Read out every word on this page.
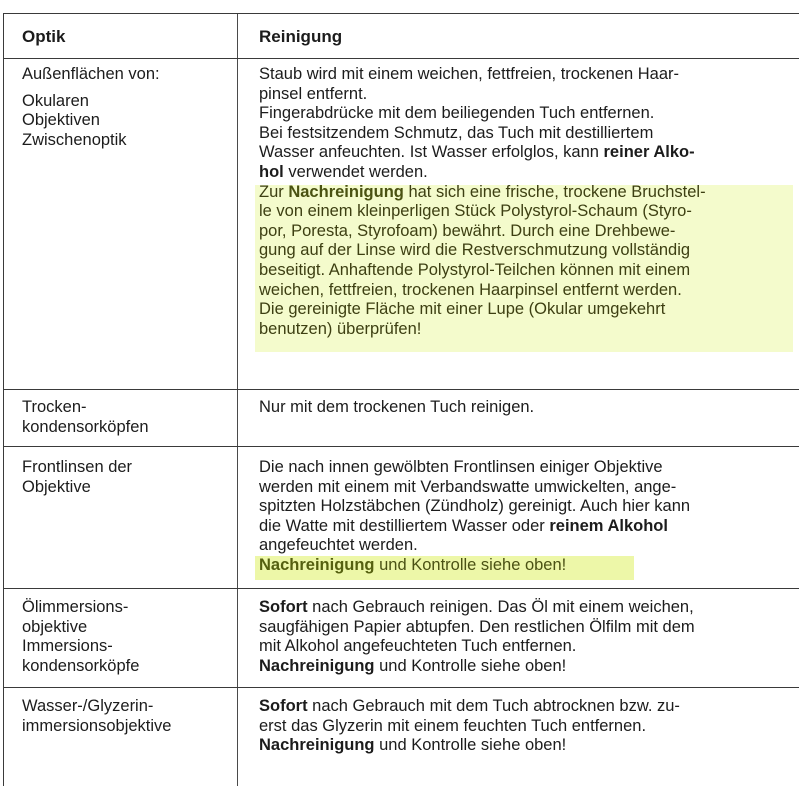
Optik	Reinigung
Außenflächen von:
Okularen
Objektiven
Zwischenoptik
Staub wird mit einem weichen, fettfreien, trockenen Haar-
pinsel entfernt.
Fingerabdrücke mit dem beiliegenden Tuch entfernen.
Bei festsitzendem Schmutz, das Tuch mit destilliertem
Wasser anfeuchten. Ist Wasser erfolglos, kann reiner Alko-
hol verwendet werden.
Zur Nachreinigung hat sich eine frische, trockene Bruchstel-
le von einem kleinperligen Stück Polystyrol-Schaum (Styro-
por, Poresta, Styrofoam) bewährt. Durch eine Drehbewe-
gung auf der Linse wird die Restverschmutzung vollständig
beseitigt. Anhaftende Polystyrol-Teilchen können mit einem
weichen, fettfreien, trockenen Haarpinsel entfernt werden.
Die gereinigte Fläche mit einer Lupe (Okular umgekehrt
benutzen) überprüfen!
Trocken-
kondensorköpfen
Nur mit dem trockenen Tuch reinigen.
Frontlinsen der
Objektive
Die nach innen gewölbten Frontlinsen einiger Objektive
werden mit einem mit Verbandswatte umwickelten, ange-
spitzten Holzstäbchen (Zündholz) gereinigt. Auch hier kann
die Watte mit destilliertem Wasser oder reinem Alkohol
angefeuchtet werden.
Nachreinigung und Kontrolle siehe oben!
Ölimmersions-
objektive
Immersions-
kondensorköpfe
Sofort nach Gebrauch reinigen. Das Öl mit einem weichen,
saugfähigen Papier abtupfen. Den restlichen Ölfilm mit dem
mit Alkohol angefeuchteten Tuch entfernen.
Nachreinigung und Kontrolle siehe oben!
Wasser-/Glyzerin-
immersionsobjektive
Sofort nach Gebrauch mit dem Tuch abtrocknen bzw. zu-
erst das Glyzerin mit einem feuchten Tuch entfernen.
Nachreinigung und Kontrolle siehe oben!
